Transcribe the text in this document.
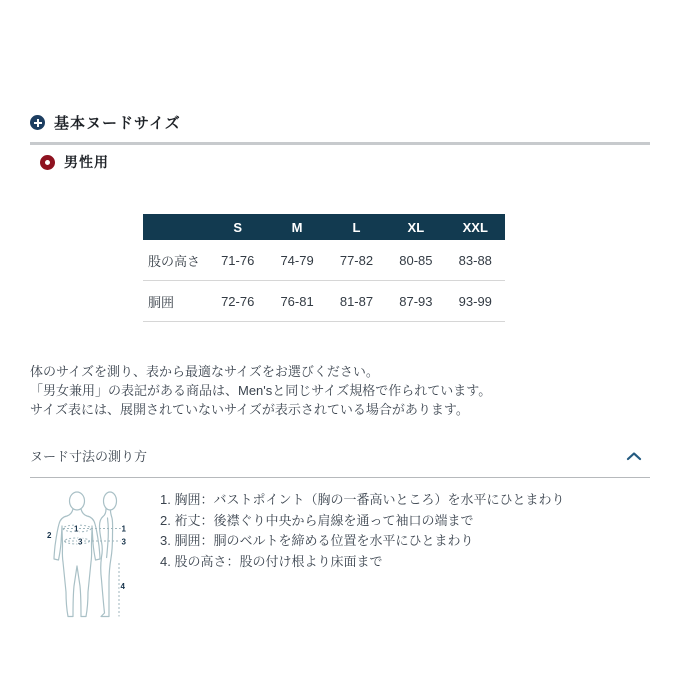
基本ヌードサイズ
男性用
	S	M	L	XL	XXL
股の高さ	71-76	74-79	77-82	80-85	83-88
胴囲	72-76	76-81	81-87	87-93	93-99

体のサイズを測り、表から最適なサイズをお選びください。

「男女兼用」の表記がある商品は、Men'sと同じサイズ規格で作られています。

サイズ表には、展開されていないサイズが表示されている場合があります。

ヌード寸法の測り方
1
2
3
1
3
4
1. 胸囲：バストポイント（胸の一番高いところ）を水平にひとまわり
2. 裄丈：後襟ぐり中央から肩線を通って袖口の端まで
3. 胴囲：胴のベルトを締める位置を水平にひとまわり
4. 股の高さ：股の付け根より床面まで
